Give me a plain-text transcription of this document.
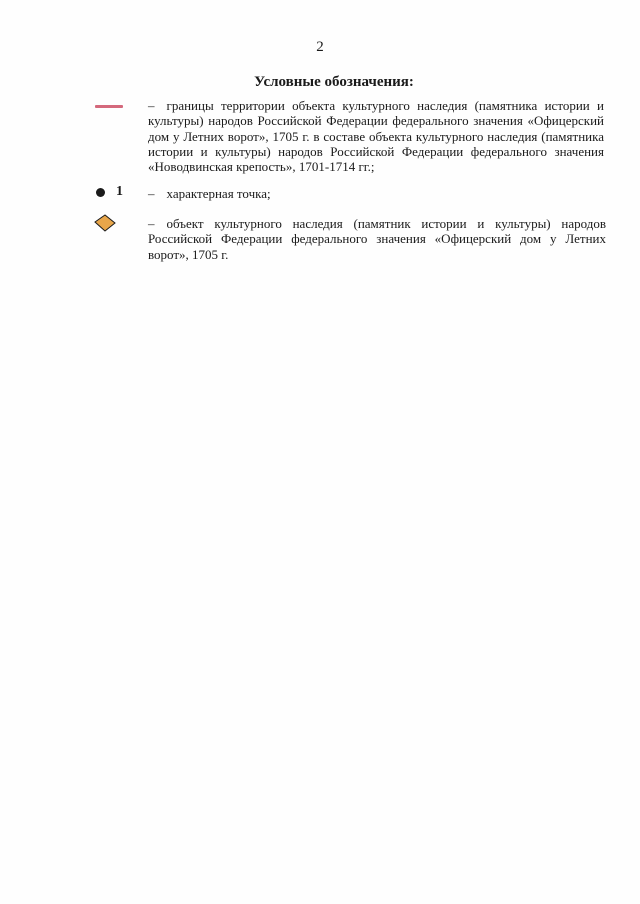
2
Условные обозначения:
– границы территории объекта культурного наследия (памятника истории и культуры) народов Российской Федерации федерального значения «Офицерский дом у Летних ворот», 1705 г. в составе объекта культурного наследия (памятника истории и культуры) народов Российской Федерации федерального значения «Новодвинская крепость», 1701-1714 гг.;
1 – характерная точка;
– объект культурного наследия (памятник истории и культуры) народов Российской Федерации федерального значения «Офицерский дом у Летних ворот», 1705 г.
